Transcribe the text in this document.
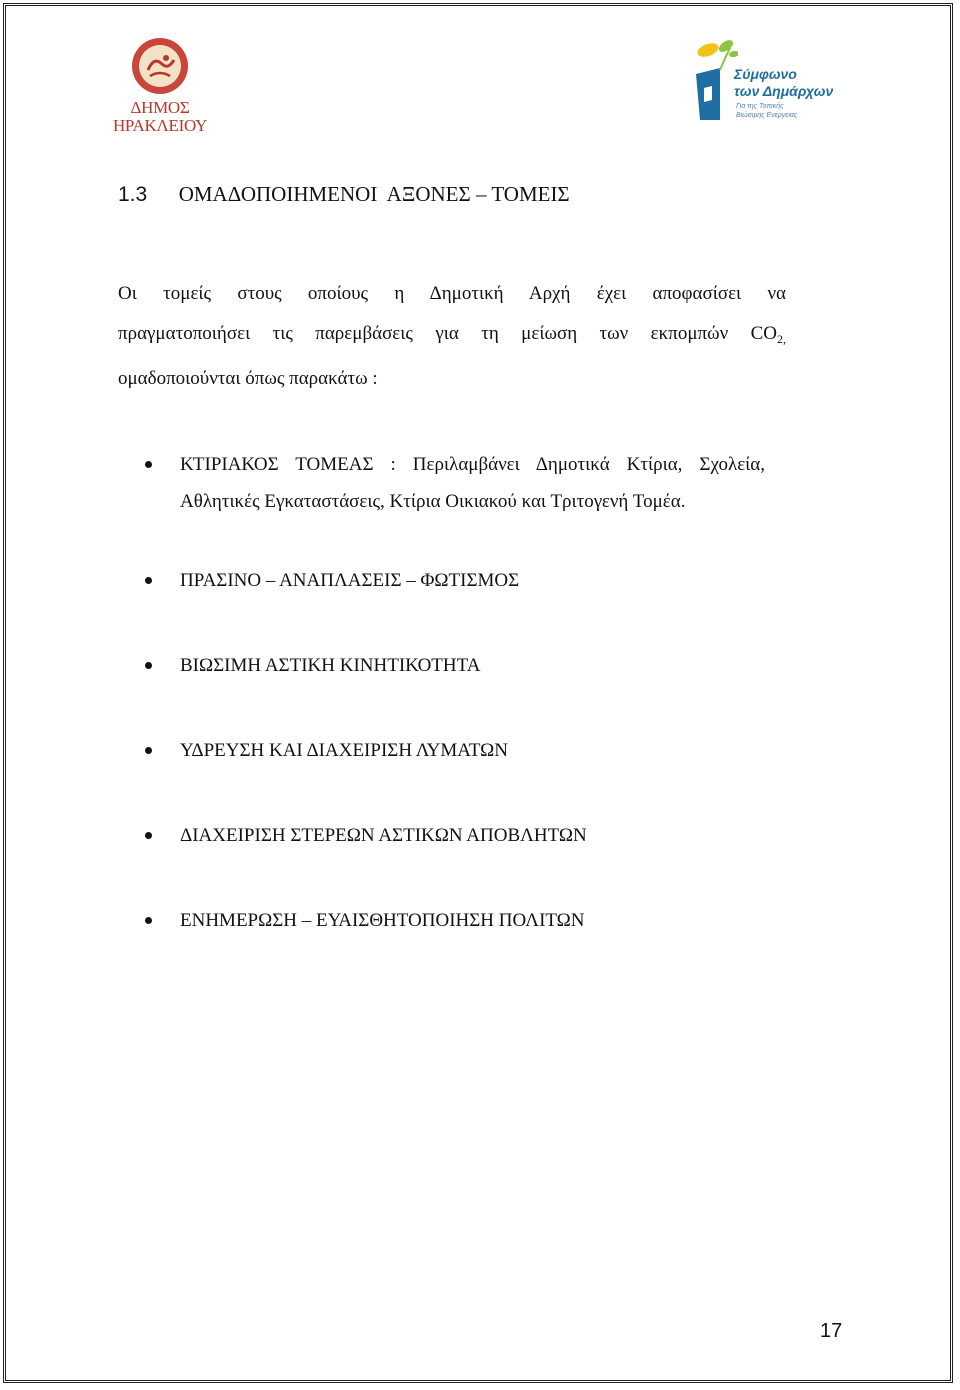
ΔΗΜΟΣ
ΗΡΑΚΛΕΙΟΥ
Σύμφωνο
των Δημάρχων
Για της Τοπικής
Βιώσιμης Ενέργειας
1.3 ΟΜΑΔΟΠΟΙΗΜΕΝΟΙ  ΑΞΟΝΕΣ – ΤΟΜΕΙΣ

Οι τομείς στους οποίους η Δημοτική Αρχή έχει αποφασίσει να

πραγματοποιήσει τις παρεμβάσεις για τη μείωση των εκπομπών $CO_{2,}$

ομαδοποιούνται όπως παρακάτω :

ΚΤΙΡΙΑΚΟΣ ΤΟΜΕΑΣ : Περιλαμβάνει Δημοτικά Κτίρια, Σχολεία, Αθλητικές Εγκαταστάσεις, Κτίρια Οικιακού και Τριτογενή Τομέα.
ΠΡΑΣΙΝΟ – ΑΝΑΠΛΑΣΕΙΣ – ΦΩΤΙΣΜΟΣ
ΒΙΩΣΙΜΗ ΑΣΤΙΚΗ ΚΙΝΗΤΙΚΟΤΗΤΑ
ΥΔΡΕΥΣΗ ΚΑΙ ΔΙΑΧΕΙΡΙΣΗ ΛΥΜΑΤΩΝ
ΔΙΑΧΕΙΡΙΣΗ ΣΤΕΡΕΩΝ ΑΣΤΙΚΩΝ ΑΠΟΒΛΗΤΩΝ
ΕΝΗΜΕΡΩΣΗ – ΕΥΑΙΣΘΗΤΟΠΟΙΗΣΗ ΠΟΛΙΤΩΝ
17
